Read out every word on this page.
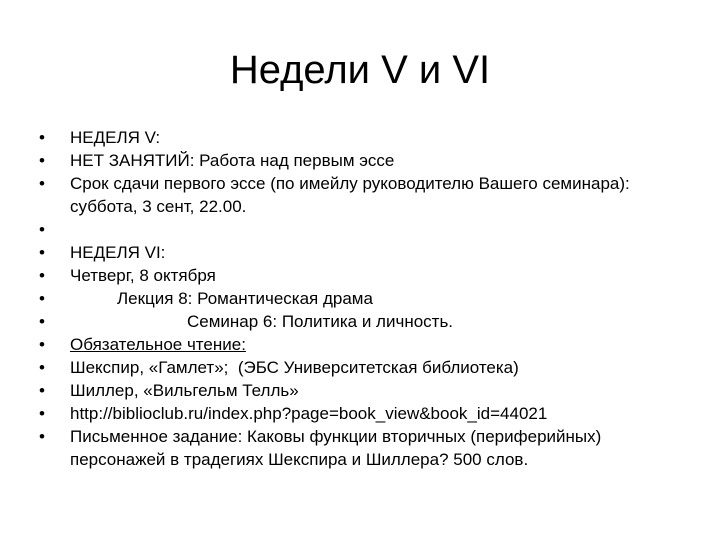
Недели V и VI
• НЕДЕЛЯ V:
• НЕТ ЗАНЯТИЙ: Работа над первым эссе
• Срок сдачи первого эссе (по имейлу руководителю Вашего семинара): суббота, 3 сент, 22.00.
•
• НЕДЕЛЯ VI:
• Четверг, 8 октября
•	Лекция 8: Романтическая драма
•	Семинар 6: Политика и личность.
• Обязательное чтение:
• Шекспир, «Гамлет»;  (ЭБС Университетская библиотека)
• Шиллер, «Вильгельм Телль»
• http://biblioclub.ru/index.php?page=book_view&book_id=44021
• Письменное задание: Каковы функции вторичных (периферийных) персонажей в традегиях Шекспира и Шиллера? 500 слов.
